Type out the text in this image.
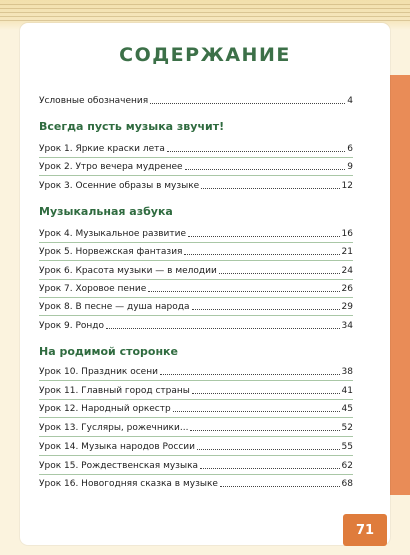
СОДЕРЖАНИЕ
Условные обозначения	4
Всегда пусть музыка звучит!
Урок 1. Яркие краски лета	6
Урок 2. Утро вечера мудренее	9
Урок 3. Осенние образы в музыке	12
Музыкальная азбука
Урок 4. Музыкальное развитие	16
Урок 5. Норвежская фантазия	21
Урок 6. Красота музыки — в мелодии	24
Урок 7. Хоровое пение	26
Урок 8. В песне — душа народа	29
Урок 9. Рондо	34
На родимой сторонке
Урок 10. Праздник осени	38
Урок 11. Главный город страны	41
Урок 12. Народный оркестр	45
Урок 13. Гусляры, рожечники...	52
Урок 14. Музыка народов России	55
Урок 15. Рождественская музыка	62
Урок 16. Новогодняя сказка в музыке	68
71
